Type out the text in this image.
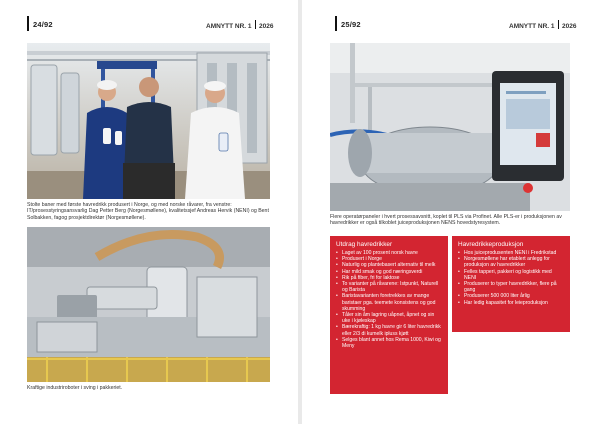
24/92	AMNYTT NR. 1 2026
Stolte baner med første havredrikk produsert i Norge, og med norske råvarer, fra venstre: IT/prosesstyringsansvarlig Dag Petter Berg (Norgesmøllene), kvalitetssjef Andreas Hervik (NENI) og Bent Solbakken, fagog prosjektdirektør (Norgesmøllene).
Kraftige industriroboter i sving i pakkeriet.
25/92	AMNYTT NR. 1 2026
Flere operatørpaneler i hvert prosessavsnitt, koplet til PLS via Profinet. Alle PLS-er i produksjonen av havredrikker er også tilkoblet juiceproduksjonen NENS hovedstyresystem.
Utdrag havredrikker
• Laget av 100 prosent norsk havre
• Produsert i Norge
• Naturlig og plantebasert alternativ til melk
• Har mild smak og god næringsverdi
• Rik på fiber, fri for laktose
• To varianter på råvarene: Istpunkt, Naturell og Barista
• Baristavarianten foretrekkes av mange baristaer pga. teemete konsistens og god skumming
• Tåler sin åm lagring uåpnet, åpnet og sin uke i kjøleskap
• Bærekraftig: 1 kg havre gir 6 liter havredrikk eller 2/3 di kumelk ipluss kjøtt
• Selges blant annet hos Rema 1000, Kiwi og Meny
Havredrikkeproduksjon
• Hos juiceprodusenten NENI i Fredrikstad
• Norgesmøllene har etablert anlegg for produksjon av havredrikker
• Felles tapperi, pakkeri og logistikk med NENI
• Produserer to typer havredrikker, flere på gang
• Produserer 500 000 liter årlig
• Har ledig kapasitet for leieproduksjon
